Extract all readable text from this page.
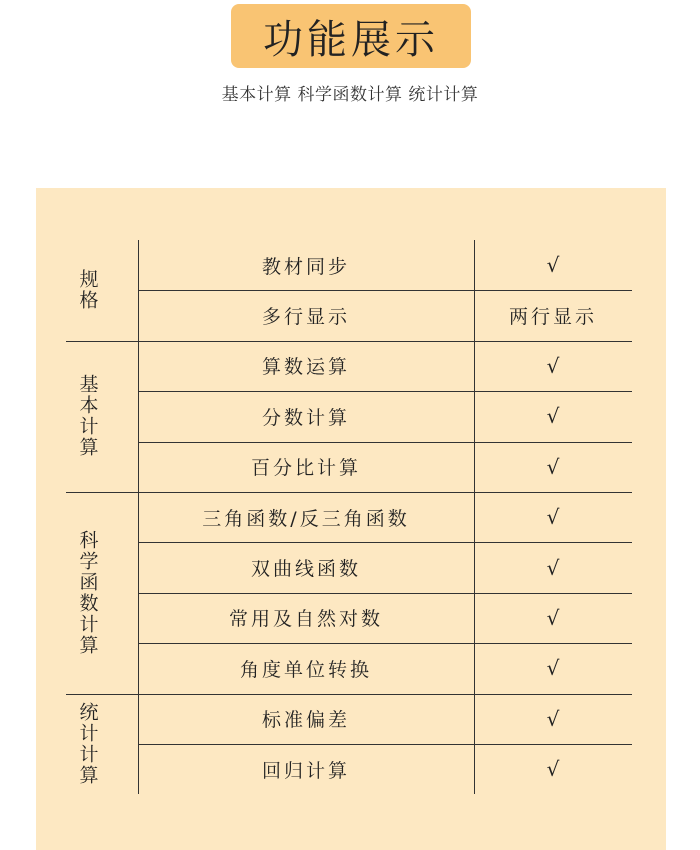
功能展示
基本计算 科学函数计算 统计计算
规格
教材同步	√
多行显示	两行显示
基本计算
算数运算	√
分数计算	√
百分比计算	√
科学函数计算
三角函数/反三角函数	√
双曲线函数	√
常用及自然对数	√
角度单位转换	√
统计计算	标准偏差	√
回归计算	√
